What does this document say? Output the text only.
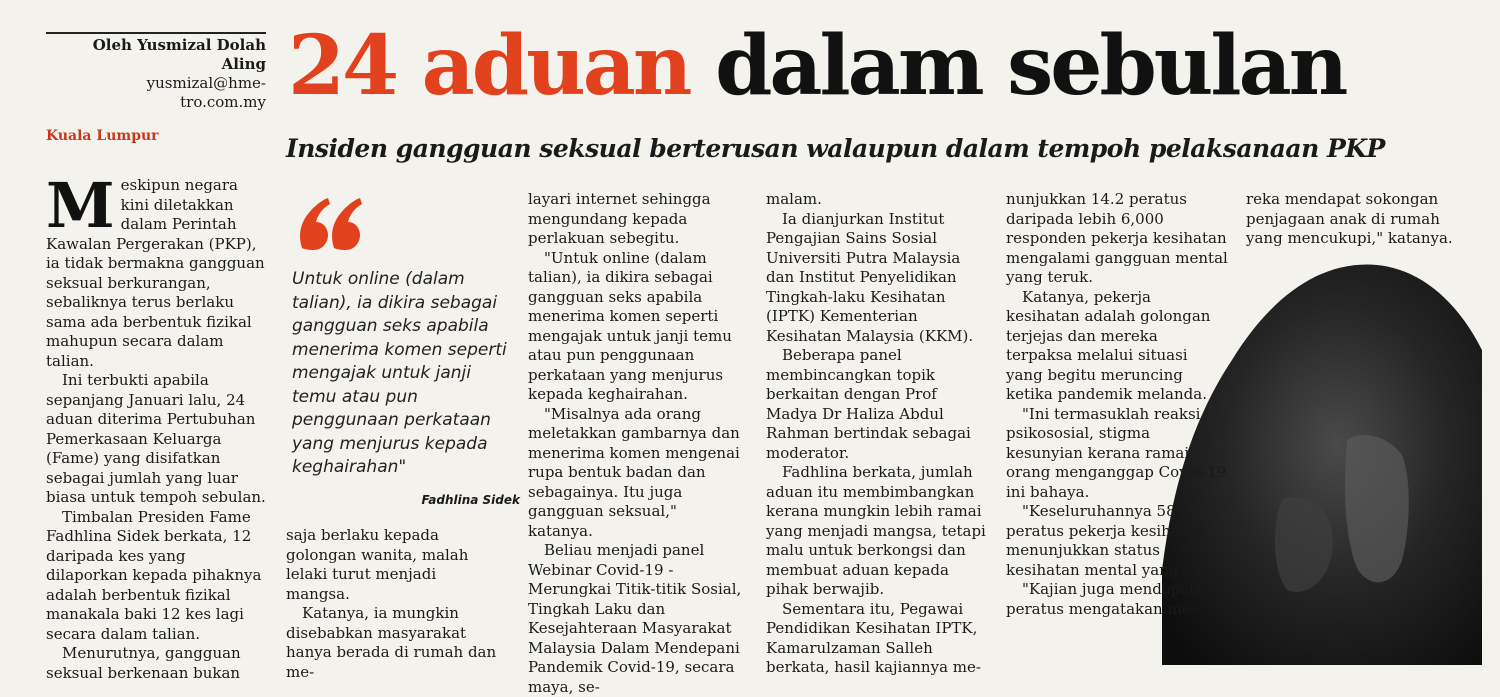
Oleh Yusmizal Dolah
Aling
yusmizal@hme-
tro.com.my
Kuala Lumpur
24 aduan dalam sebulan
Insiden gangguan seksual berterusan walaupun dalam tempoh pelaksanaan PKP

Meskipun negara kini diletakkan dalam Perintah Kawalan Pergerakan (PKP), ia tidak bermakna gangguan seksual berkurangan, sebaliknya terus berlaku sama ada berbentuk fizikal mahupun secara dalam talian.

Ini terbukti apabila sepanjang Januari lalu, 24 aduan diterima Pertubuhan Pemerkasaan Keluarga (Fame) yang disifatkan sebagai jumlah yang luar biasa untuk tempoh sebulan.

Timbalan Presiden Fame Fadhlina Sidek berkata, 12 daripada kes yang dilaporkan kepada pihaknya adalah berbentuk fizikal manakala baki 12 kes lagi secara dalam talian.

Menurutnya, gangguan seksual berkenaan bukan

Untuk online (dalam talian), ia dikira sebagai gangguan seks apabila menerima komen seperti mengajak untuk janji temu atau pun penggunaan perkataan yang menjurus kepada keghairahan"
Fadhlina Sidek

saja berlaku kepada golongan wanita, malah lelaki turut menjadi mangsa.

Katanya, ia mungkin disebabkan masyarakat hanya berada di rumah dan me-

layari internet sehingga mengundang kepada perlakuan sebegitu.

"Untuk online (dalam talian), ia dikira sebagai gangguan seks apabila menerima komen seperti mengajak untuk janji temu atau pun penggunaan perkataan yang menjurus kepada keghairahan.

"Misalnya ada orang meletakkan gambarnya dan menerima komen mengenai rupa bentuk badan dan sebagainya. Itu juga gangguan seksual," katanya.

Beliau menjadi panel Webinar Covid-19 - Merungkai Titik-titik Sosial, Tingkah Laku dan Kesejahteraan Masyarakat Malaysia Dalam Mendepani Pandemik Covid-19, secara maya, se-

malam.

Ia dianjurkan Institut Pengajian Sains Sosial Universiti Putra Malaysia dan Institut Penyelidikan Tingkah-laku Kesihatan (IPTK) Kementerian Kesihatan Malaysia (KKM).

Beberapa panel membincangkan topik berkaitan dengan Prof Madya Dr Haliza Abdul Rahman bertindak sebagai moderator.

Fadhlina berkata, jumlah aduan itu membimbangkan kerana mungkin lebih ramai yang menjadi mangsa, tetapi malu untuk berkongsi dan membuat aduan kepada pihak berwajib.

Sementara itu, Pegawai Pendidikan Kesihatan IPTK, Kamarulzaman Salleh berkata, hasil kajiannya me-

nunjukkan 14.2 peratus daripada lebih 6,000 responden pekerja kesihatan mengalami gangguan mental yang teruk.

Katanya, pekerja kesihatan adalah golongan terjejas dan mereka terpaksa melalui situasi yang begitu meruncing ketika pandemik melanda.

"Ini termasuklah reaksi psikososial, stigma kesunyian kerana ramai orang menganggap Covid-19 ini bahaya.

"Keseluruhannya 58 peratus pekerja kesihatan menunjukkan status kesihatan mental yang baik.

"Kajian juga mendapati 75 peratus mengatakan me-

reka mendapat sokongan penjagaan anak di rumah yang mencukupi," katanya.
